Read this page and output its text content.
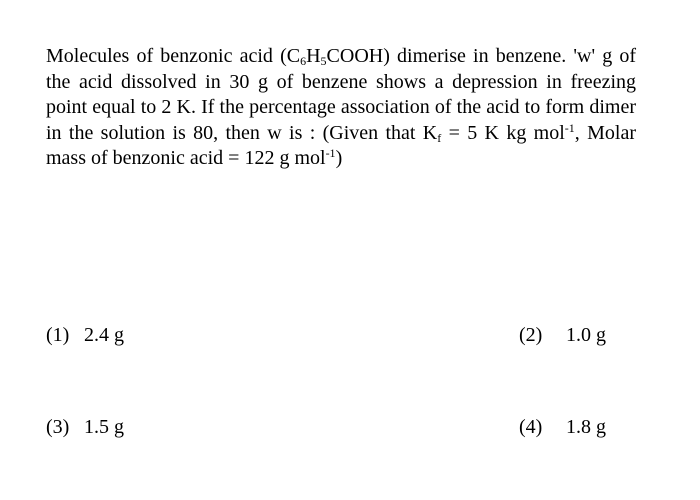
Molecules of benzonic acid $(C_6H_5COOH)$ dimerise in benzene. 'w' g of the acid dissolved in 30 g of benzene shows a depression in freezing point equal to 2 K. If the percentage association of the acid to form dimer in the solution is 80, then w is : (Given that $K_f = 5$ K kg mol$^{-1}$, Molar mass of benzonic acid = 122 g mol$^{-1}$)

(1) 2.4 g	(2) 1.0 g
(3) 1.5 g	(4) 1.8 g
